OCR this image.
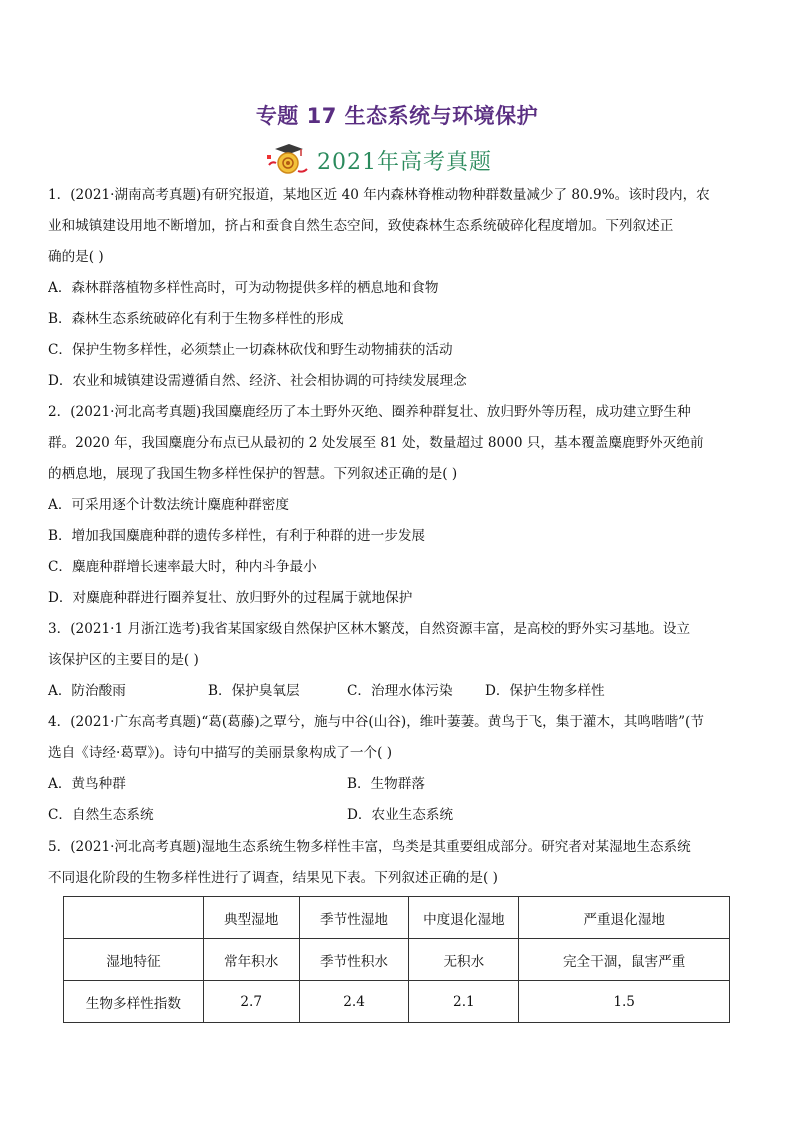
专题 17 生态系统与环境保护
2021年高考真题
1．(2021·湖南高考真题)有研究报道，某地区近 40 年内森林脊椎动物种群数量减少了 80.9%。该时段内，农
业和城镇建设用地不断增加，挤占和蚕食自然生态空间，致使森林生态系统破碎化程度增加。下列叙述正
确的是( )
A．森林群落植物多样性高时，可为动物提供多样的栖息地和食物
B．森林生态系统破碎化有利于生物多样性的形成
C．保护生物多样性，必须禁止一切森林砍伐和野生动物捕获的活动
D．农业和城镇建设需遵循自然、经济、社会相协调的可持续发展理念
2．(2021·河北高考真题)我国麋鹿经历了本土野外灭绝、圈养种群复壮、放归野外等历程，成功建立野生种
群。2020 年，我国麋鹿分布点已从最初的 2 处发展至 81 处，数量超过 8000 只，基本覆盖麋鹿野外灭绝前
的栖息地，展现了我国生物多样性保护的智慧。下列叙述正确的是( )
A．可采用逐个计数法统计麋鹿种群密度
B．增加我国麋鹿种群的遗传多样性，有利于种群的进一步发展
C．麋鹿种群增长速率最大时，种内斗争最小
D．对麋鹿种群进行圈养复壮、放归野外的过程属于就地保护
3．(2021·1 月浙江选考)我省某国家级自然保护区林木繁茂，自然资源丰富，是高校的野外实习基地。设立
该保护区的主要目的是( )
A．防治酸雨	B．保护臭氧层	C．治理水体污染 D．保护生物多样性
4．(2021·广东高考真题)“葛(葛藤)之覃兮，施与中谷(山谷)，维叶萋萋。黄鸟于飞，集于灌木，其鸣喈喈”(节
选自《诗经·葛覃》)。诗句中描写的美丽景象构成了一个( )
A．黄鸟种群	B．生物群落
C．自然生态系统	D．农业生态系统
5．(2021·河北高考真题)湿地生态系统生物多样性丰富，鸟类是其重要组成部分。研究者对某湿地生态系统
不同退化阶段的生物多样性进行了调查，结果见下表。下列叙述正确的是( )
	典型湿地	季节性湿地	中度退化湿地	严重退化湿地
湿地特征	常年积水	季节性积水	无积水	完全干涸，鼠害严重
生物多样性指数	2.7	2.4	2.1	1.5
